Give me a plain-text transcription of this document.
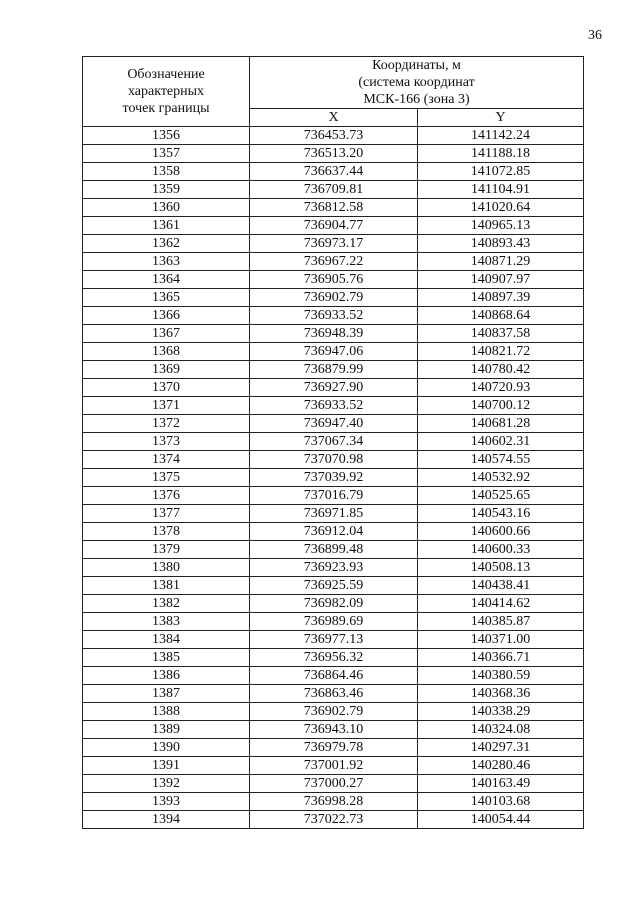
36
Обозначение
характерных
точек границы	Координаты, м
(система координат
МСК-166 (зона 3)	

	X	Y
1356	736453.73	141142.24
1357	736513.20	141188.18
1358	736637.44	141072.85
1359	736709.81	141104.91
1360	736812.58	141020.64
1361	736904.77	140965.13
1362	736973.17	140893.43
1363	736967.22	140871.29
1364	736905.76	140907.97
1365	736902.79	140897.39
1366	736933.52	140868.64
1367	736948.39	140837.58
1368	736947.06	140821.72
1369	736879.99	140780.42
1370	736927.90	140720.93
1371	736933.52	140700.12
1372	736947.40	140681.28
1373	737067.34	140602.31
1374	737070.98	140574.55
1375	737039.92	140532.92
1376	737016.79	140525.65
1377	736971.85	140543.16
1378	736912.04	140600.66
1379	736899.48	140600.33
1380	736923.93	140508.13
1381	736925.59	140438.41
1382	736982.09	140414.62
1383	736989.69	140385.87
1384	736977.13	140371.00
1385	736956.32	140366.71
1386	736864.46	140380.59
1387	736863.46	140368.36
1388	736902.79	140338.29
1389	736943.10	140324.08
1390	736979.78	140297.31
1391	737001.92	140280.46
1392	737000.27	140163.49
1393	736998.28	140103.68
1394	737022.73	140054.44
